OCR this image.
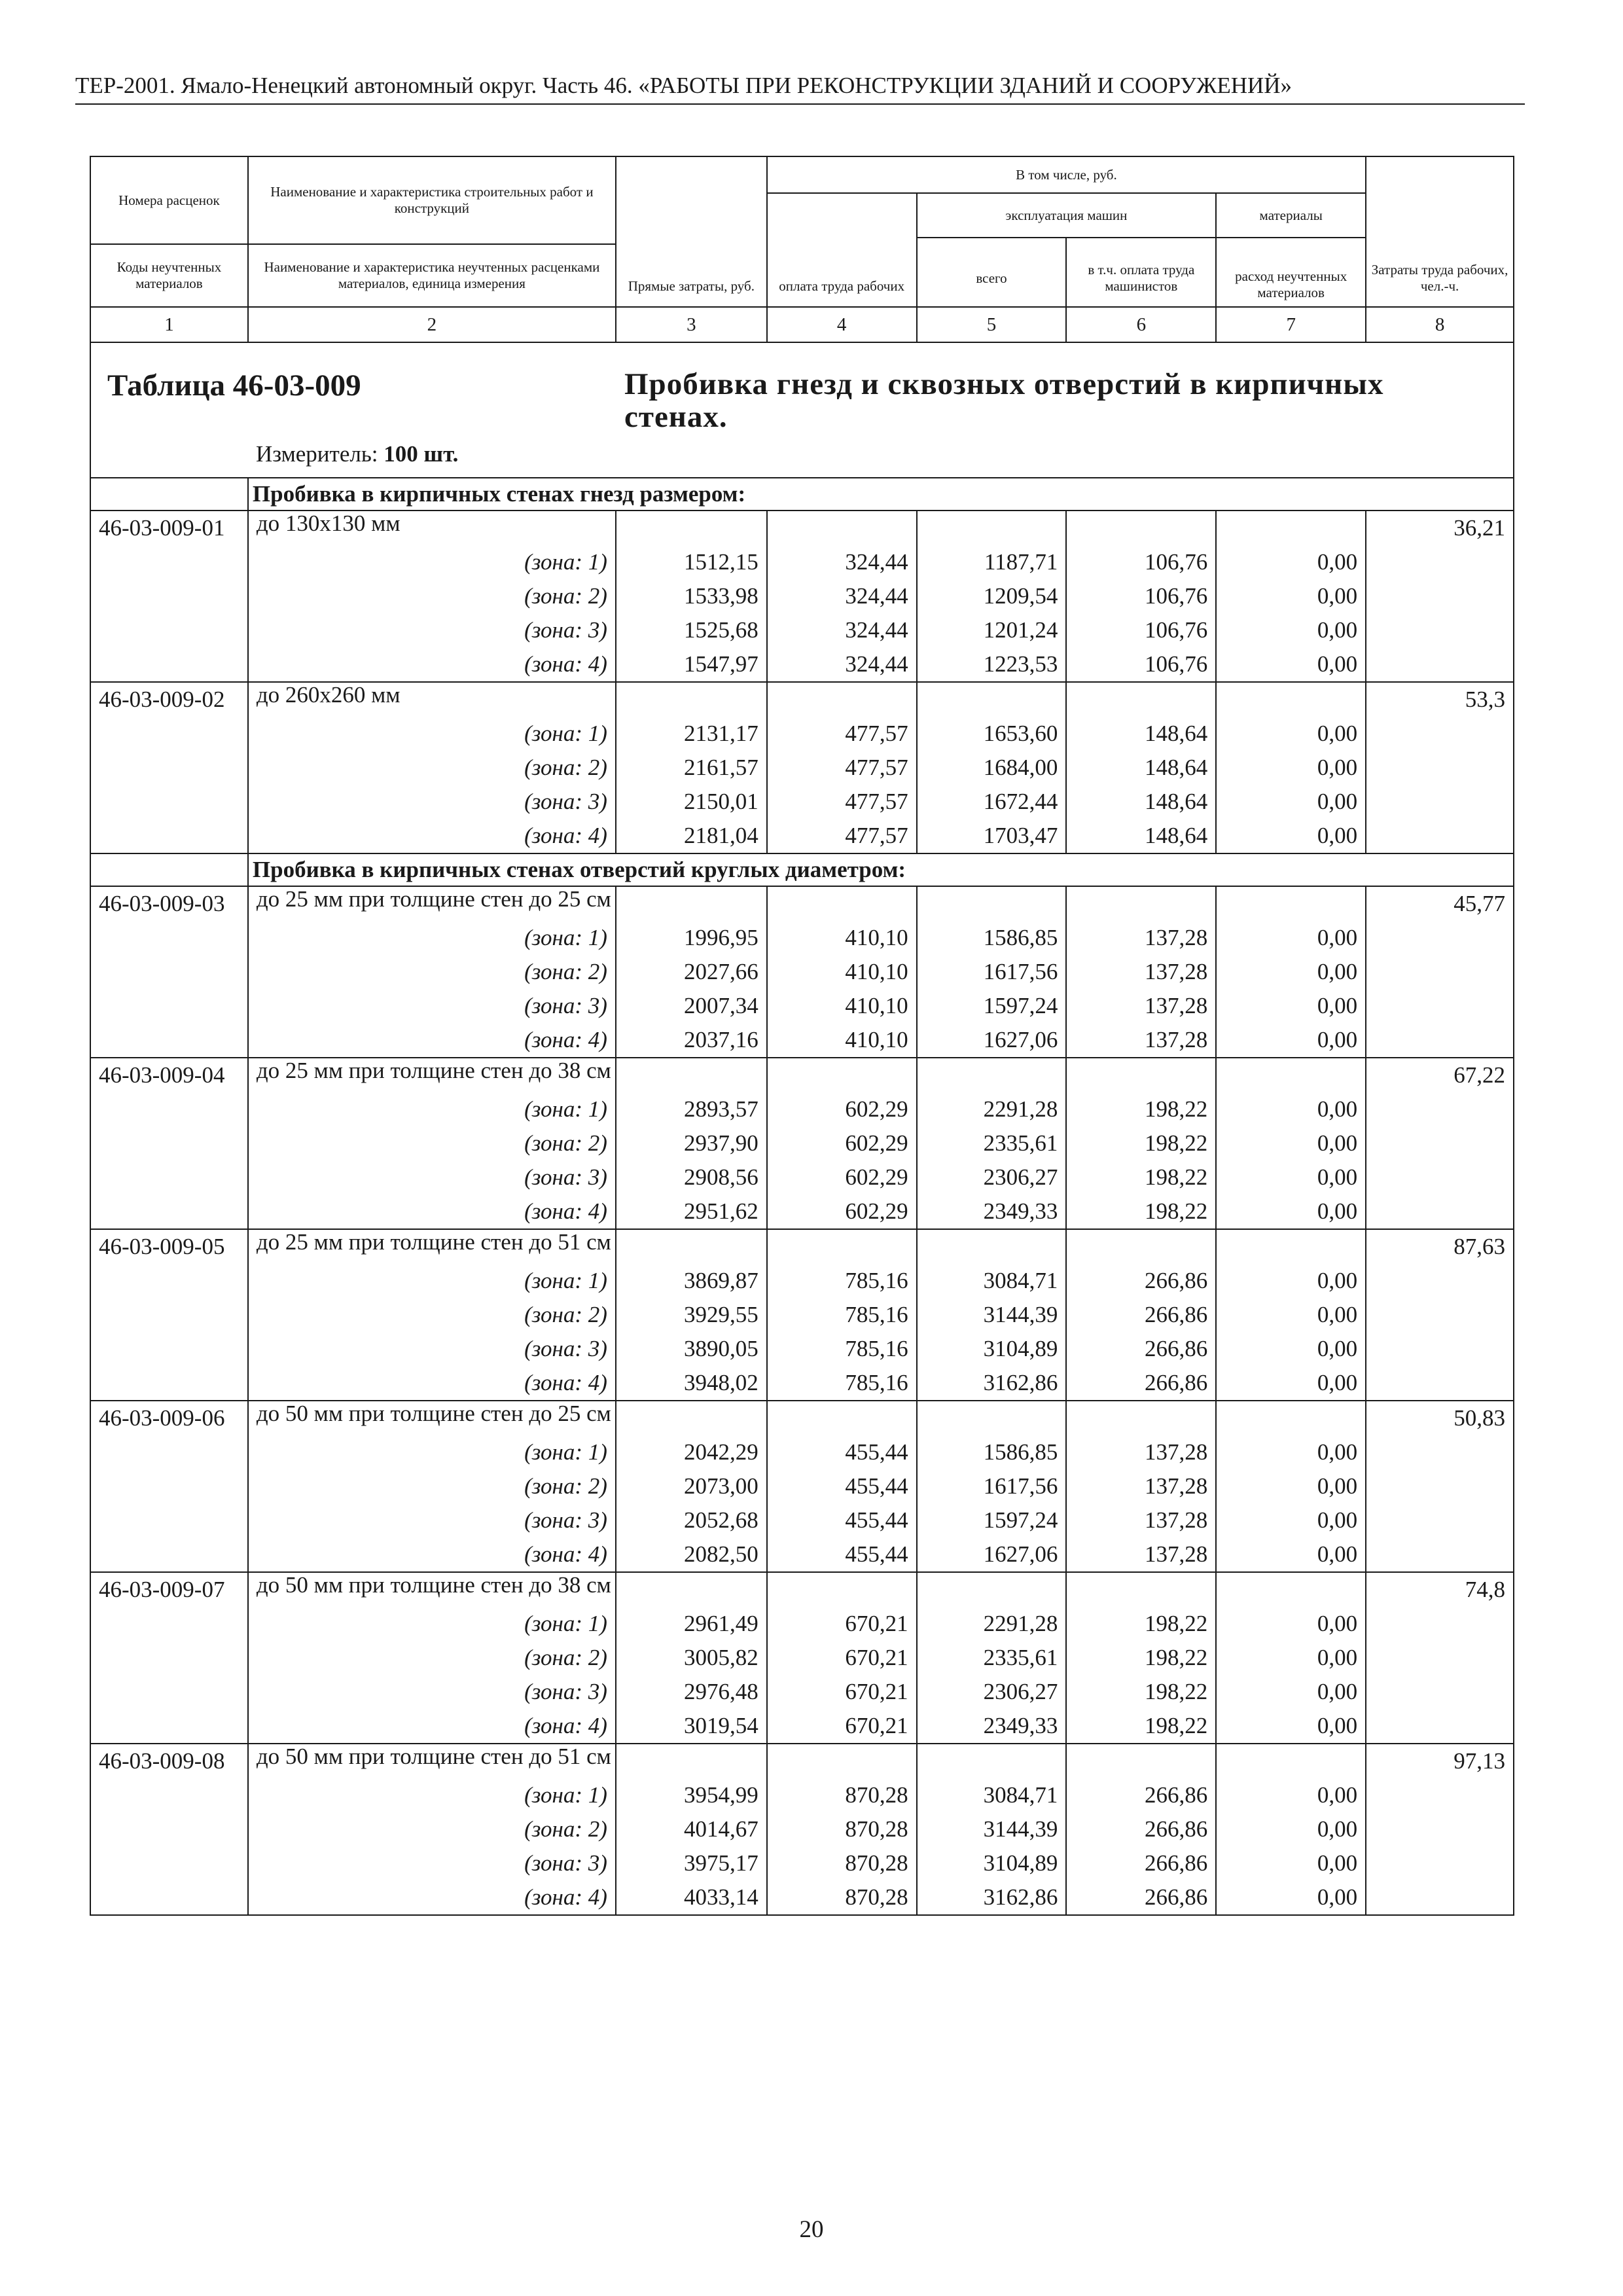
ТЕР-2001. Ямало-Ненецкий автономный округ. Часть 46. «РАБОТЫ ПРИ РЕКОНСТРУКЦИИ ЗДАНИЙ И СООРУЖЕНИЙ»
Номера расценок	Наименование и характеристика строительных работ и конструкций	Прямые затраты, руб.	В том числе, руб.				Затраты труда рабочих, чел.-ч.
			оплата труда рабочих	эксплуатация машин		материалы	
				всего	в т.ч. оплата труда машинистов	расход неучтенных материалов	

Коды неучтенных материалов	Наименование и характеристика неучтенных расценками материалов, единица измерения						
1	2	3	4	5	6	7	8

Таблица 46-03-009 Пробивка гнезд и сквозных отверстий в кирпичных стенах.
Измеритель: 100 шт.							

	Пробивка в кирпичных стенах гнезд размером:						
46-03-009-01	до 130х130 мм						36,21
	(зона: 1)	1512,15	324,44	1187,71	106,76	0,00	
	(зона: 2)	1533,98	324,44	1209,54	106,76	0,00	
	(зона: 3)	1525,68	324,44	1201,24	106,76	0,00	
	(зона: 4)	1547,97	324,44	1223,53	106,76	0,00	
46-03-009-02	до 260х260 мм						53,3
	(зона: 1)	2131,17	477,57	1653,60	148,64	0,00	
	(зона: 2)	2161,57	477,57	1684,00	148,64	0,00	
	(зона: 3)	2150,01	477,57	1672,44	148,64	0,00	
	(зона: 4)	2181,04	477,57	1703,47	148,64	0,00	
	Пробивка в кирпичных стенах отверстий круглых диаметром:						
46-03-009-03	до 25 мм при толщине стен до 25 см						45,77
	(зона: 1)	1996,95	410,10	1586,85	137,28	0,00	
	(зона: 2)	2027,66	410,10	1617,56	137,28	0,00	
	(зона: 3)	2007,34	410,10	1597,24	137,28	0,00	
	(зона: 4)	2037,16	410,10	1627,06	137,28	0,00	
46-03-009-04	до 25 мм при толщине стен до 38 см						67,22
	(зона: 1)	2893,57	602,29	2291,28	198,22	0,00	
	(зона: 2)	2937,90	602,29	2335,61	198,22	0,00	
	(зона: 3)	2908,56	602,29	2306,27	198,22	0,00	
	(зона: 4)	2951,62	602,29	2349,33	198,22	0,00	
46-03-009-05	до 25 мм при толщине стен до 51 см						87,63
	(зона: 1)	3869,87	785,16	3084,71	266,86	0,00	
	(зона: 2)	3929,55	785,16	3144,39	266,86	0,00	
	(зона: 3)	3890,05	785,16	3104,89	266,86	0,00	
	(зона: 4)	3948,02	785,16	3162,86	266,86	0,00	
46-03-009-06	до 50 мм при толщине стен до 25 см						50,83
	(зона: 1)	2042,29	455,44	1586,85	137,28	0,00	
	(зона: 2)	2073,00	455,44	1617,56	137,28	0,00	
	(зона: 3)	2052,68	455,44	1597,24	137,28	0,00	
	(зона: 4)	2082,50	455,44	1627,06	137,28	0,00	
46-03-009-07	до 50 мм при толщине стен до 38 см						74,8
	(зона: 1)	2961,49	670,21	2291,28	198,22	0,00	
	(зона: 2)	3005,82	670,21	2335,61	198,22	0,00	
	(зона: 3)	2976,48	670,21	2306,27	198,22	0,00	
	(зона: 4)	3019,54	670,21	2349,33	198,22	0,00	
46-03-009-08	до 50 мм при толщине стен до 51 см						97,13
	(зона: 1)	3954,99	870,28	3084,71	266,86	0,00	
	(зона: 2)	4014,67	870,28	3144,39	266,86	0,00	
	(зона: 3)	3975,17	870,28	3104,89	266,86	0,00	
	(зона: 4)	4033,14	870,28	3162,86	266,86	0,00	
20
